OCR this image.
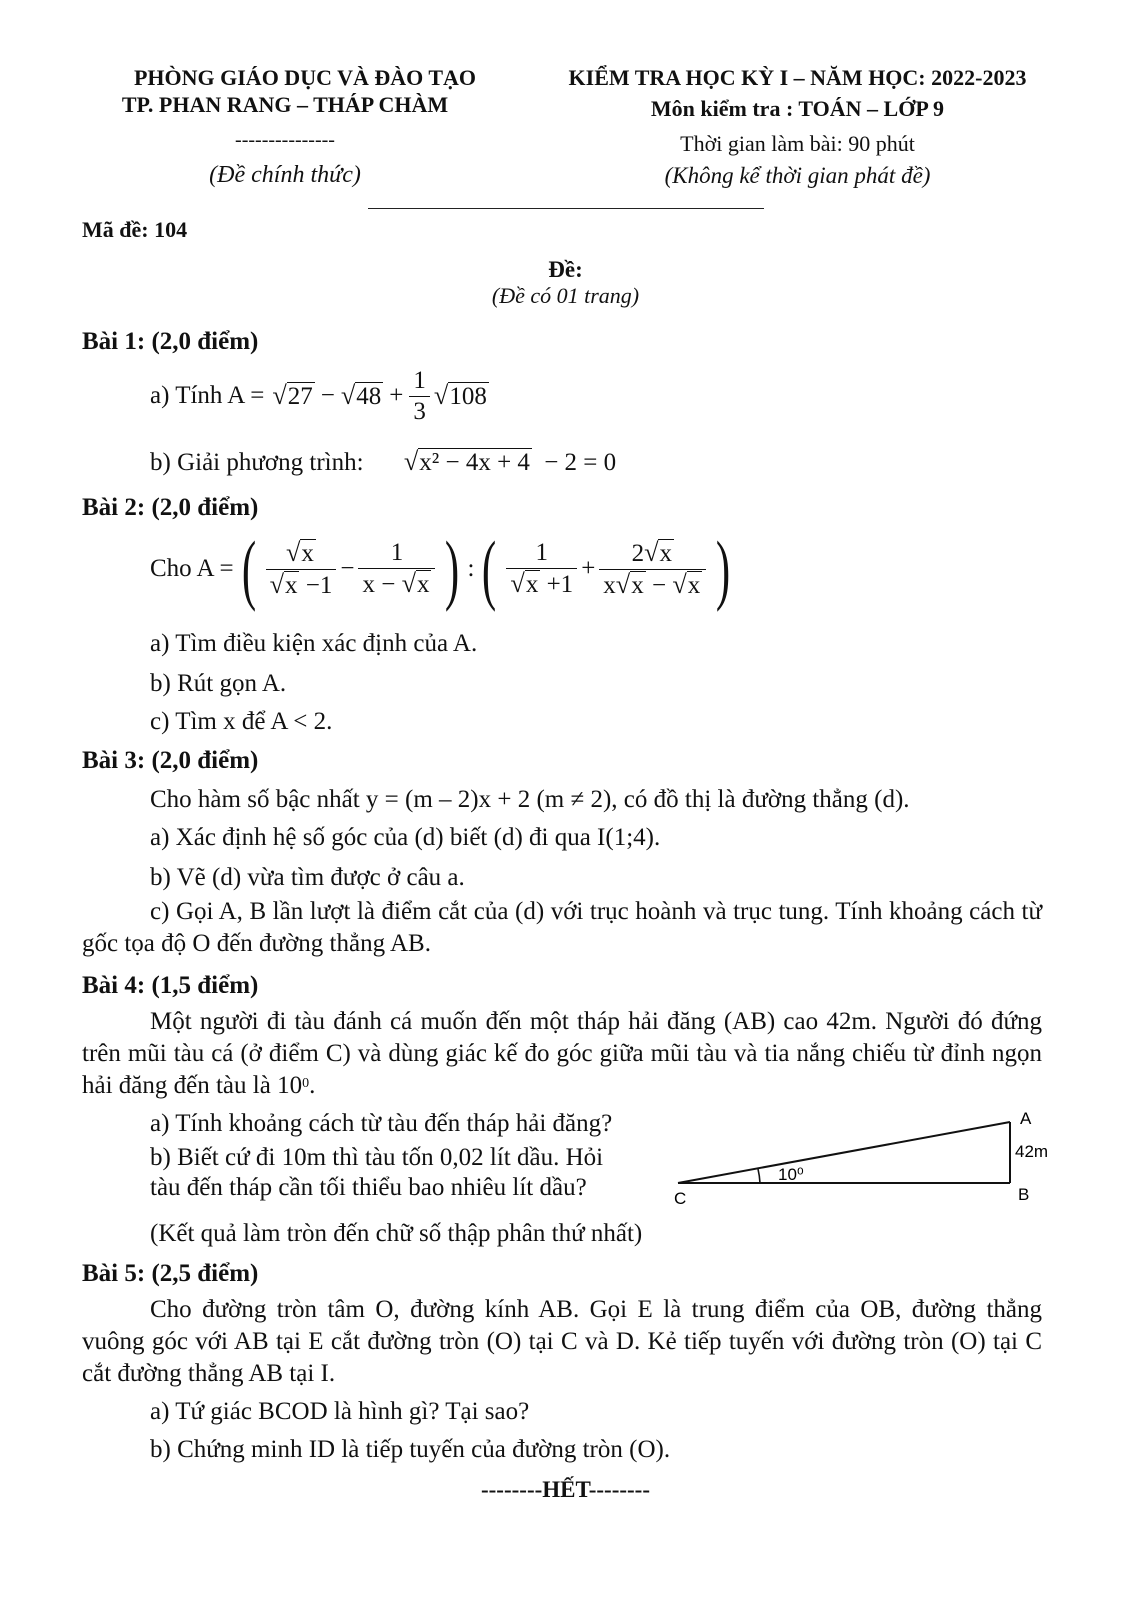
PHÒNG GIÁO DỤC VÀ ĐÀO TẠO
TP. PHAN RANG – THÁP CHÀM
---------------
(Đề chính thức)
KIỂM TRA HỌC KỲ I – NĂM HỌC: 2022-2023
Môn kiểm tra : TOÁN – LỚP 9
Thời gian làm bài: 90 phút
(Không kể thời gian phát đề)
Mã đề: 104
Đề:
(Đề có 01 trang)
Bài 1: (2,0 điểm)
a) Tính $A = √27 - √48 + \frac{1}{3} √108$
b) Giải phương trình: √x² − 4x + 4 − 2 = 0
Bài 2: (2,0 điểm)
Cho A = ( $\frac{√x}{√x -1} - \frac{1}{x - √x}$ ) : ( $\frac{1}{√x +1} + \frac{2√x}{x√x - √x}$ )
a) Tìm điều kiện xác định của A.
b) Rút gọn A.
c) Tìm x để A < 2.
Bài 3: (2,0 điểm)
Cho hàm số bậc nhất y = (m – 2)x + 2 (m ≠ 2), có đồ thị là đường thẳng (d).
a) Xác định hệ số góc của (d) biết (d) đi qua I(1;4).
b) Vẽ (d) vừa tìm được ở câu a.
c) Gọi A, B lần lượt là điểm cắt của (d) với trục hoành và trục tung. Tính khoảng cách từ gốc tọa độ O đến đường thẳng AB.
Bài 4: (1,5 điểm)
Một người đi tàu đánh cá muốn đến một tháp hải đăng (AB) cao 42m. Người đó đứng trên mũi tàu cá (ở điểm C) và dùng giác kế đo góc giữa mũi tàu và tia nắng chiếu từ đỉnh ngọn hải đăng đến tàu là $10^0$.
a) Tính khoảng cách từ tàu đến tháp hải đăng?
b) Biết cứ đi 10m thì tàu tốn 0,02 lít dầu. Hỏi
tàu đến tháp cần tối thiểu bao nhiêu lít dầu?
(Kết quả làm tròn đến chữ số thập phân thứ nhất)
A
B
C
42m
10⁰
Bài 5: (2,5 điểm)
Cho đường tròn tâm O, đường kính AB. Gọi E là trung điểm của OB, đường thẳng vuông góc với AB tại E cắt đường tròn (O) tại C và D. Kẻ tiếp tuyến với đường tròn (O) tại C cắt đường thẳng AB tại I.
a) Tứ giác BCOD là hình gì? Tại sao?
b) Chứng minh ID là tiếp tuyến của đường tròn (O).
--------HẾT--------
